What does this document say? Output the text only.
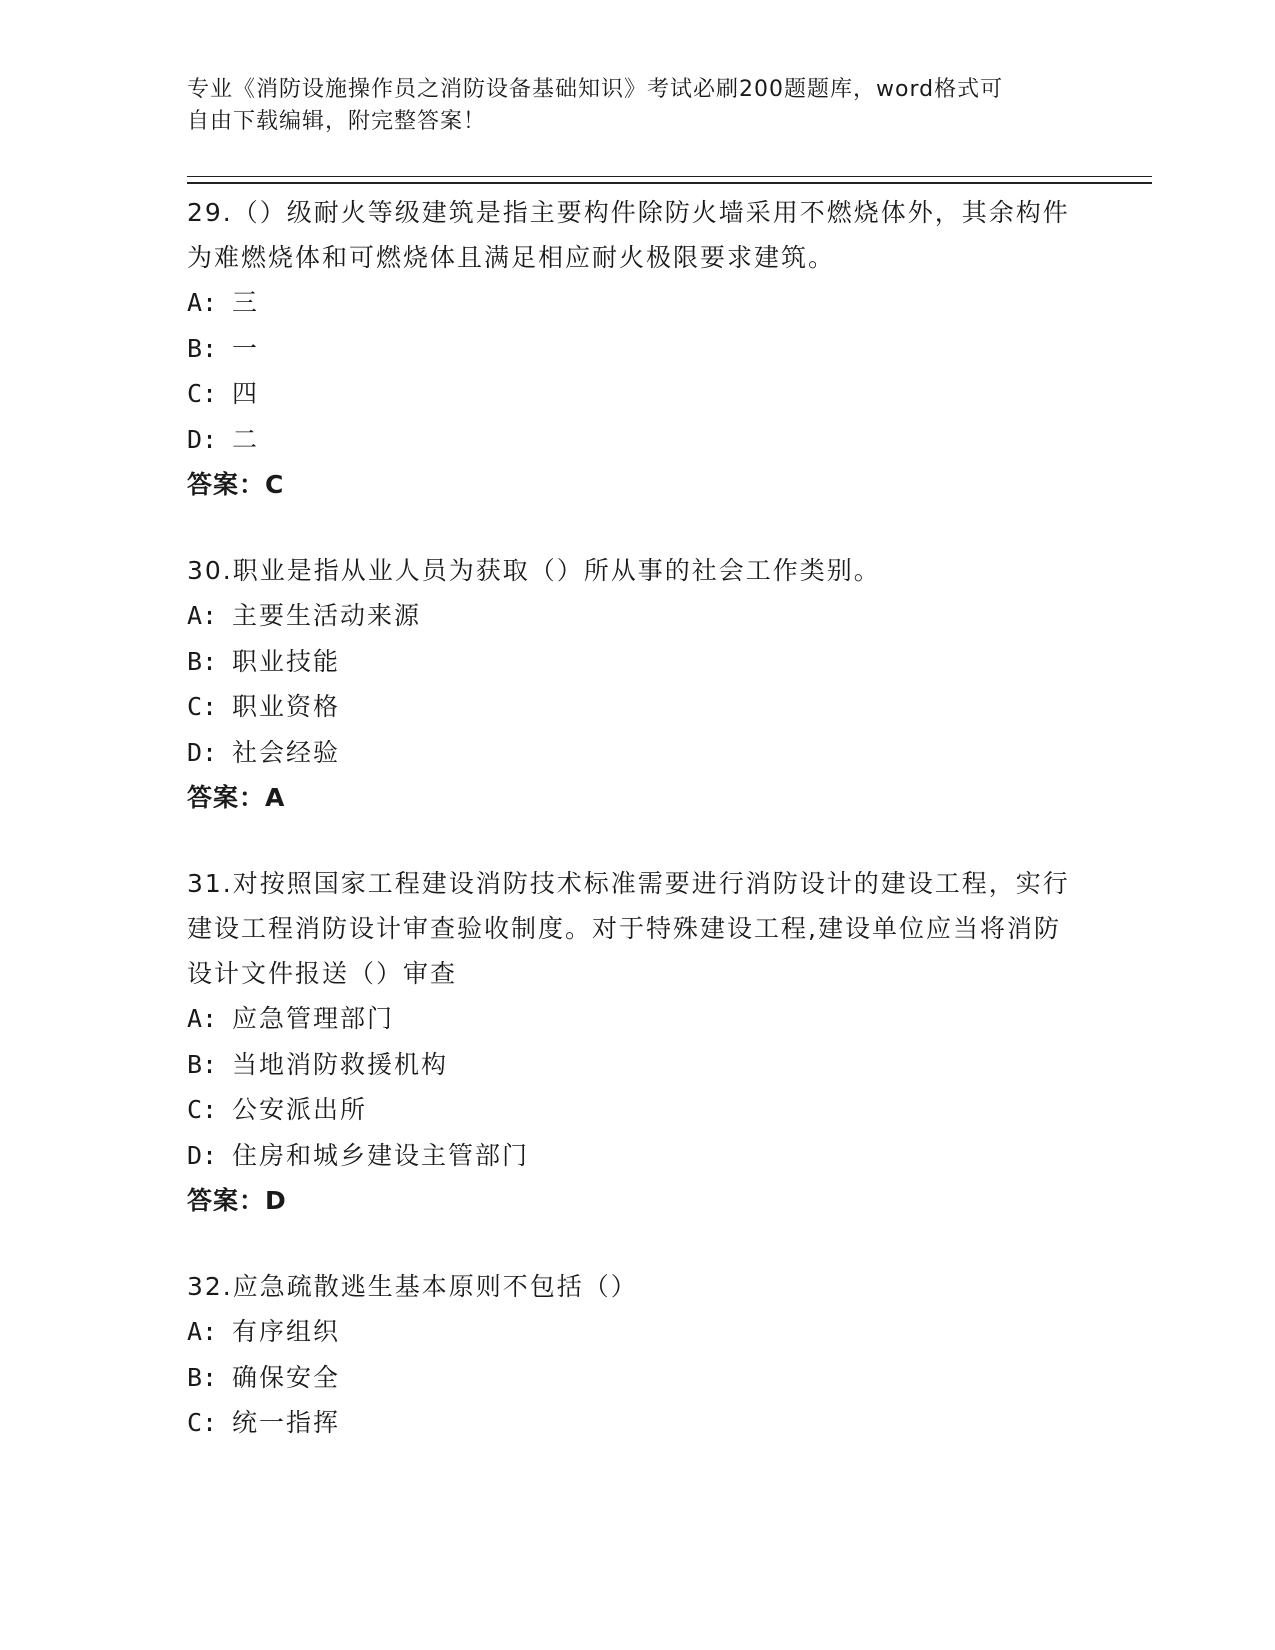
专业《消防设施操作员之消防设备基础知识》考试必刷200题题库，word格式可
自由下载编辑，附完整答案！
29.（）级耐火等级建筑是指主要构件除防火墙采用不燃烧体外，其余构件为难燃烧体和可燃烧体且满足相应耐火极限要求建筑。
A: 三
B: 一
C: 四
D: 二
答案：C
30.职业是指从业人员为获取（）所从事的社会工作类别。
A: 主要生活动来源
B: 职业技能
C: 职业资格
D: 社会经验
答案：A
31.对按照国家工程建设消防技术标准需要进行消防设计的建设工程，实行建设工程消防设计审查验收制度。对于特殊建设工程,建设单位应当将消防设计文件报送（）审查
A: 应急管理部门
B: 当地消防救援机构
C: 公安派出所
D: 住房和城乡建设主管部门
答案：D
32.应急疏散逃生基本原则不包括（）
A: 有序组织
B: 确保安全
C: 统一指挥
